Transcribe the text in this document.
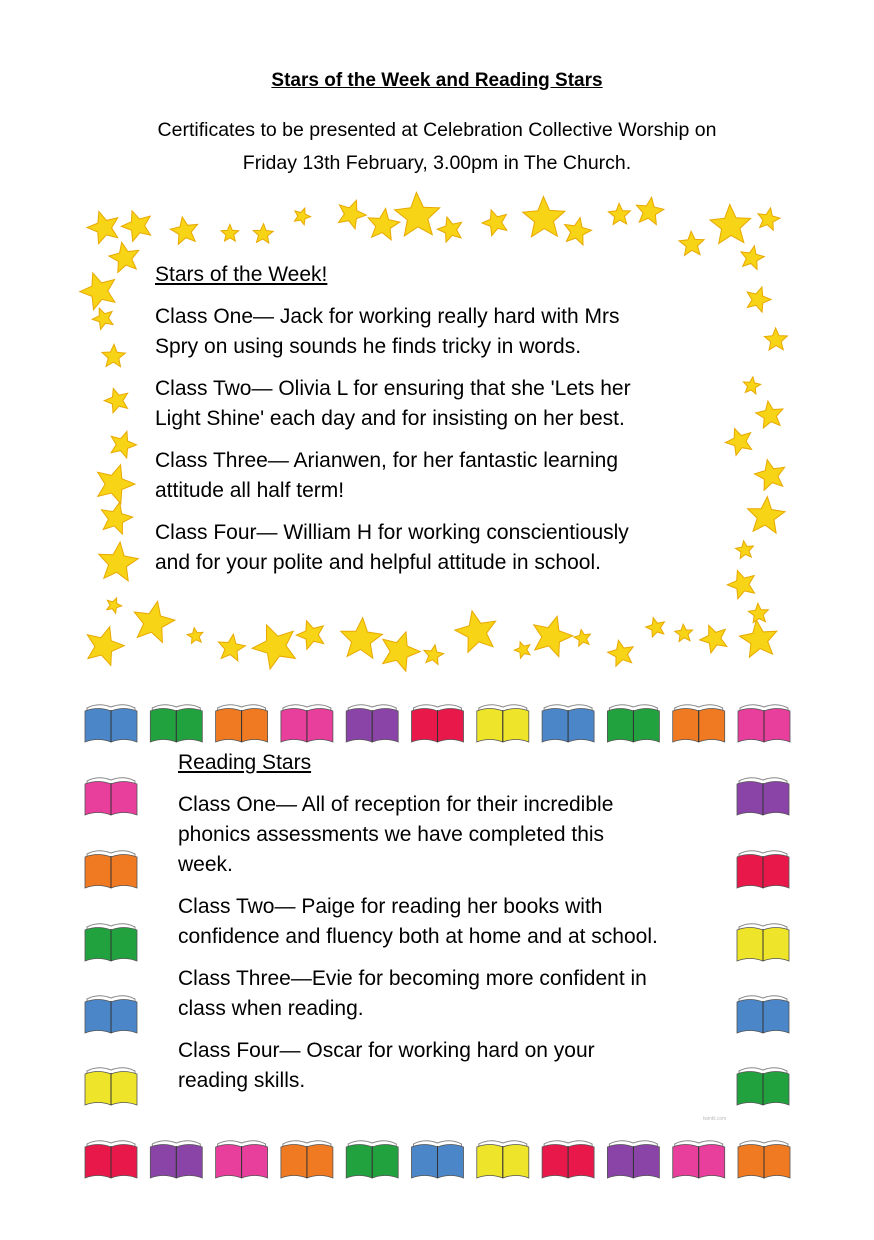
Stars of the Week and Reading Stars
Certificates to be presented at Celebration Collective Worship on
Friday 13th February, 3.00pm in The Church.
Stars of the Week!
Class One— Jack for working really hard with Mrs
Spry on using sounds he finds tricky in words.
Class Two— Olivia L for ensuring that she 'Lets her
Light Shine' each day and for insisting on her best.
Class Three— Arianwen, for her fantastic learning
attitude all half term!
Class Four— William H for working conscientiously
and for your polite and helpful attitude in school.
Reading Stars
Class One— All of reception for their incredible
phonics assessments we have completed this
week.
Class Two— Paige for reading her books with
confidence and fluency both at home and at school.
Class Three—Evie for becoming more confident in
class when reading.
Class Four— Oscar for working hard on your
reading skills.
twinkl.com
